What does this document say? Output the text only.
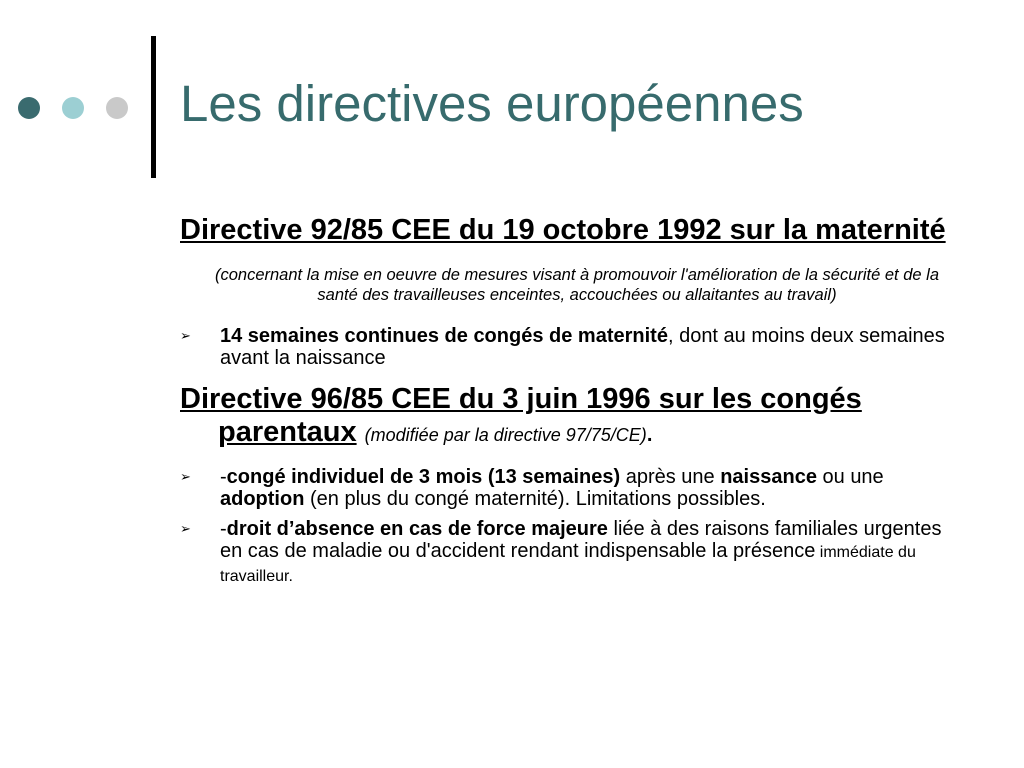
Les directives européennes

Directive 92/85 CEE du 19 octobre 1992 sur la maternité

(concernant la mise en oeuvre de mesures visant à promouvoir l'amélioration de la sécurité et de la santé des travailleuses enceintes, accouchées ou allaitantes au travail)

➢ 14 semaines continues de congés de maternité, dont au moins deux semaines avant la naissance

Directive 96/85 CEE du 3 juin 1996 sur les congés parentaux (modifiée par la directive 97/75/CE).

➢ -congé individuel de 3 mois (13 semaines) après une naissance ou une adoption (en plus du congé maternité). Limitations possibles.
➢ -droit d’absence en cas de force majeure liée à des raisons familiales urgentes en cas de maladie ou d'accident rendant indispensable la présence immédiate du travailleur.
